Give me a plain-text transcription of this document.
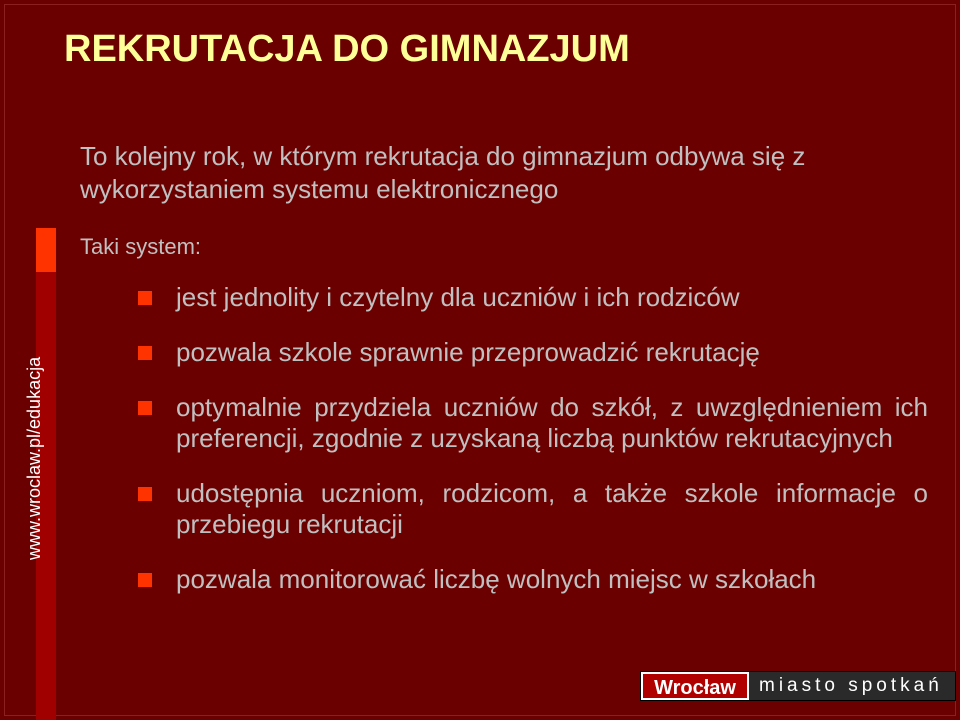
REKRUTACJA DO GIMNAZJUM
www.wroclaw.pl/edukacja

To kolejny rok, w którym rekrutacja do gimnazjum odbywa się z wykorzystaniem systemu elektronicznego

Taki system:

jest jednolity i czytelny dla uczniów i ich rodziców
pozwala szkole sprawnie przeprowadzić rekrutację
optymalnie przydziela uczniów do szkół, z uwzględnieniem ich preferencji, zgodnie z uzyskaną liczbą punktów rekrutacyjnych
udostępnia uczniom, rodzicom, a także szkole informacje o przebiegu rekrutacji
pozwala monitorować liczbę wolnych miejsc w szkołach
Wrocław	miasto spotkań
